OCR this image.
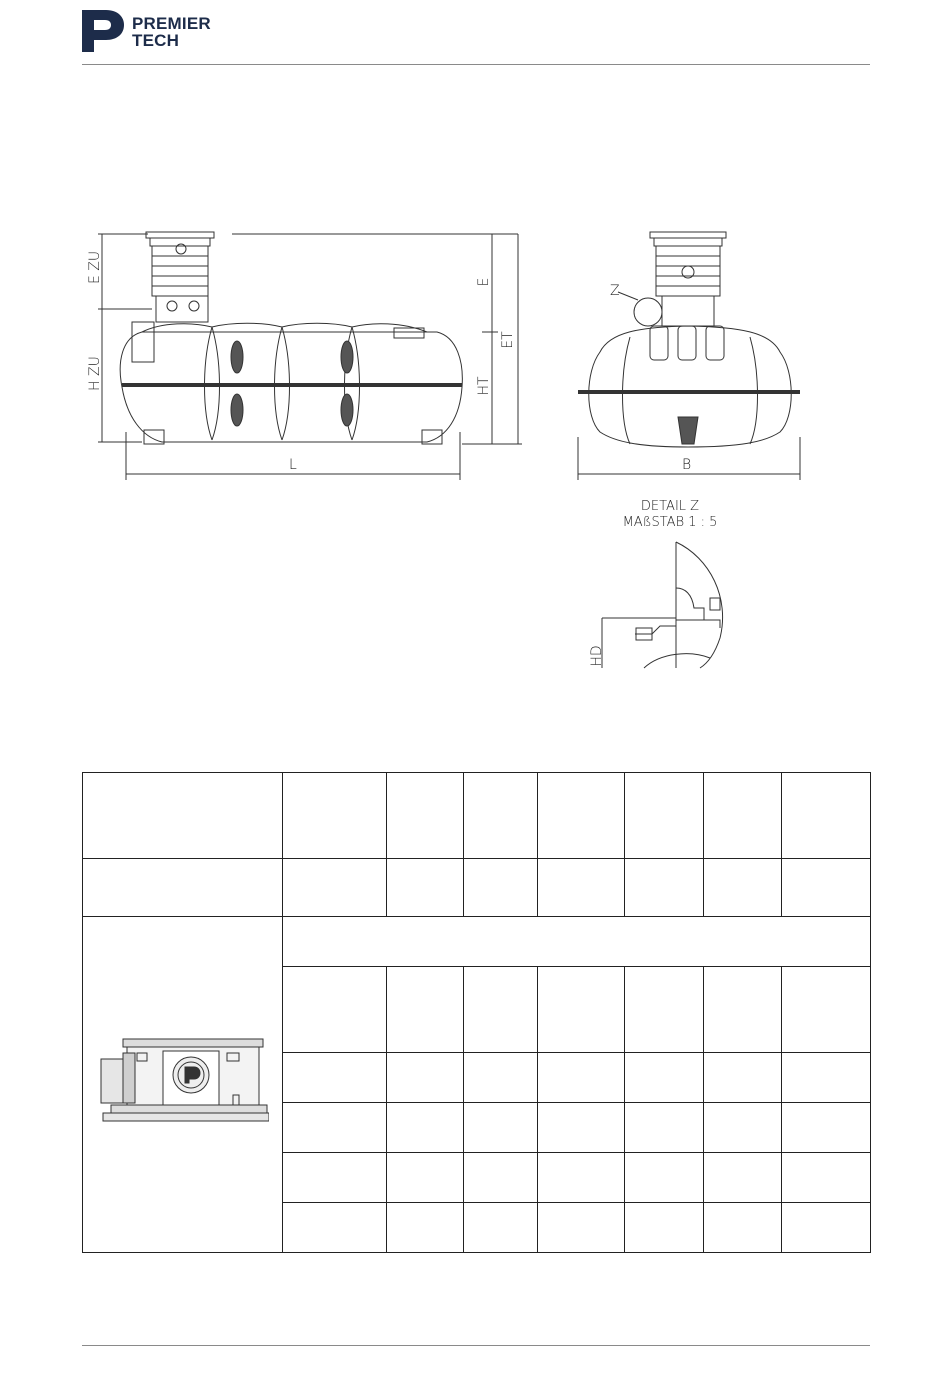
PREMIER
TECH
E ZU
H ZU
E
ET
HT
L
Z
B
DETAIL Z
MAßSTAB 1 : 5
HD
